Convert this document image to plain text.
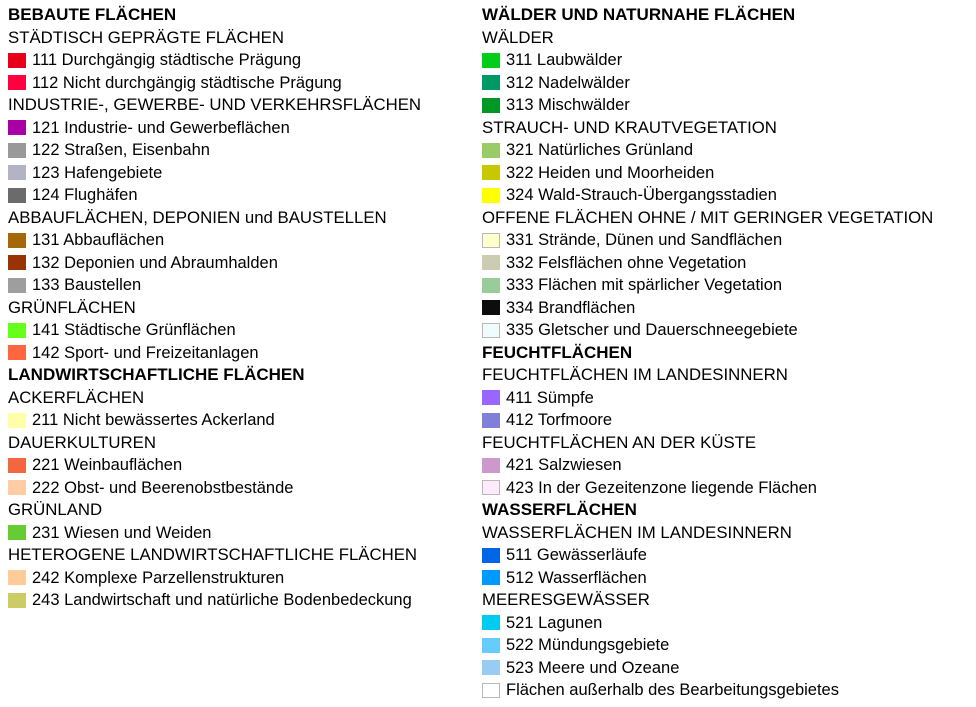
BEBAUTE FLÄCHEN
STÄDTISCH GEPRÄGTE FLÄCHEN
111 Durchgängig städtische Prägung
112 Nicht durchgängig städtische Prägung
INDUSTRIE-, GEWERBE- UND VERKEHRSFLÄCHEN
121 Industrie- und Gewerbeflächen
122 Straßen, Eisenbahn
123 Hafengebiete
124 Flughäfen
ABBAUFLÄCHEN, DEPONIEN und BAUSTELLEN
131 Abbauflächen
132 Deponien und Abraumhalden
133 Baustellen
GRÜNFLÄCHEN
141 Städtische Grünflächen
142 Sport- und Freizeitanlagen
LANDWIRTSCHAFTLICHE FLÄCHEN
ACKERFLÄCHEN
211 Nicht bewässertes Ackerland
DAUERKULTUREN
221 Weinbauflächen
222 Obst- und Beerenobstbestände
GRÜNLAND
231 Wiesen und Weiden
HETEROGENE LANDWIRTSCHAFTLICHE FLÄCHEN
242 Komplexe Parzellenstrukturen
243 Landwirtschaft und natürliche Bodenbedeckung
WÄLDER UND NATURNAHE FLÄCHEN
WÄLDER
311 Laubwälder
312 Nadelwälder
313 Mischwälder
STRAUCH- UND KRAUTVEGETATION
321 Natürliches Grünland
322 Heiden und Moorheiden
324 Wald-Strauch-Übergangsstadien
OFFENE FLÄCHEN OHNE / MIT GERINGER VEGETATION
331 Strände, Dünen und Sandflächen
332 Felsflächen ohne Vegetation
333 Flächen mit spärlicher Vegetation
334 Brandflächen
335 Gletscher und Dauerschneegebiete
FEUCHTFLÄCHEN
FEUCHTFLÄCHEN IM LANDESINNERN
411 Sümpfe
412 Torfmoore
FEUCHTFLÄCHEN AN DER KÜSTE
421 Salzwiesen
423 In der Gezeitenzone liegende Flächen
WASSERFLÄCHEN
WASSERFLÄCHEN IM LANDESINNERN
511 Gewässerläufe
512 Wasserflächen
MEERESGEWÄSSER
521 Lagunen
522 Mündungsgebiete
523 Meere und Ozeane
Flächen außerhalb des Bearbeitungsgebietes
